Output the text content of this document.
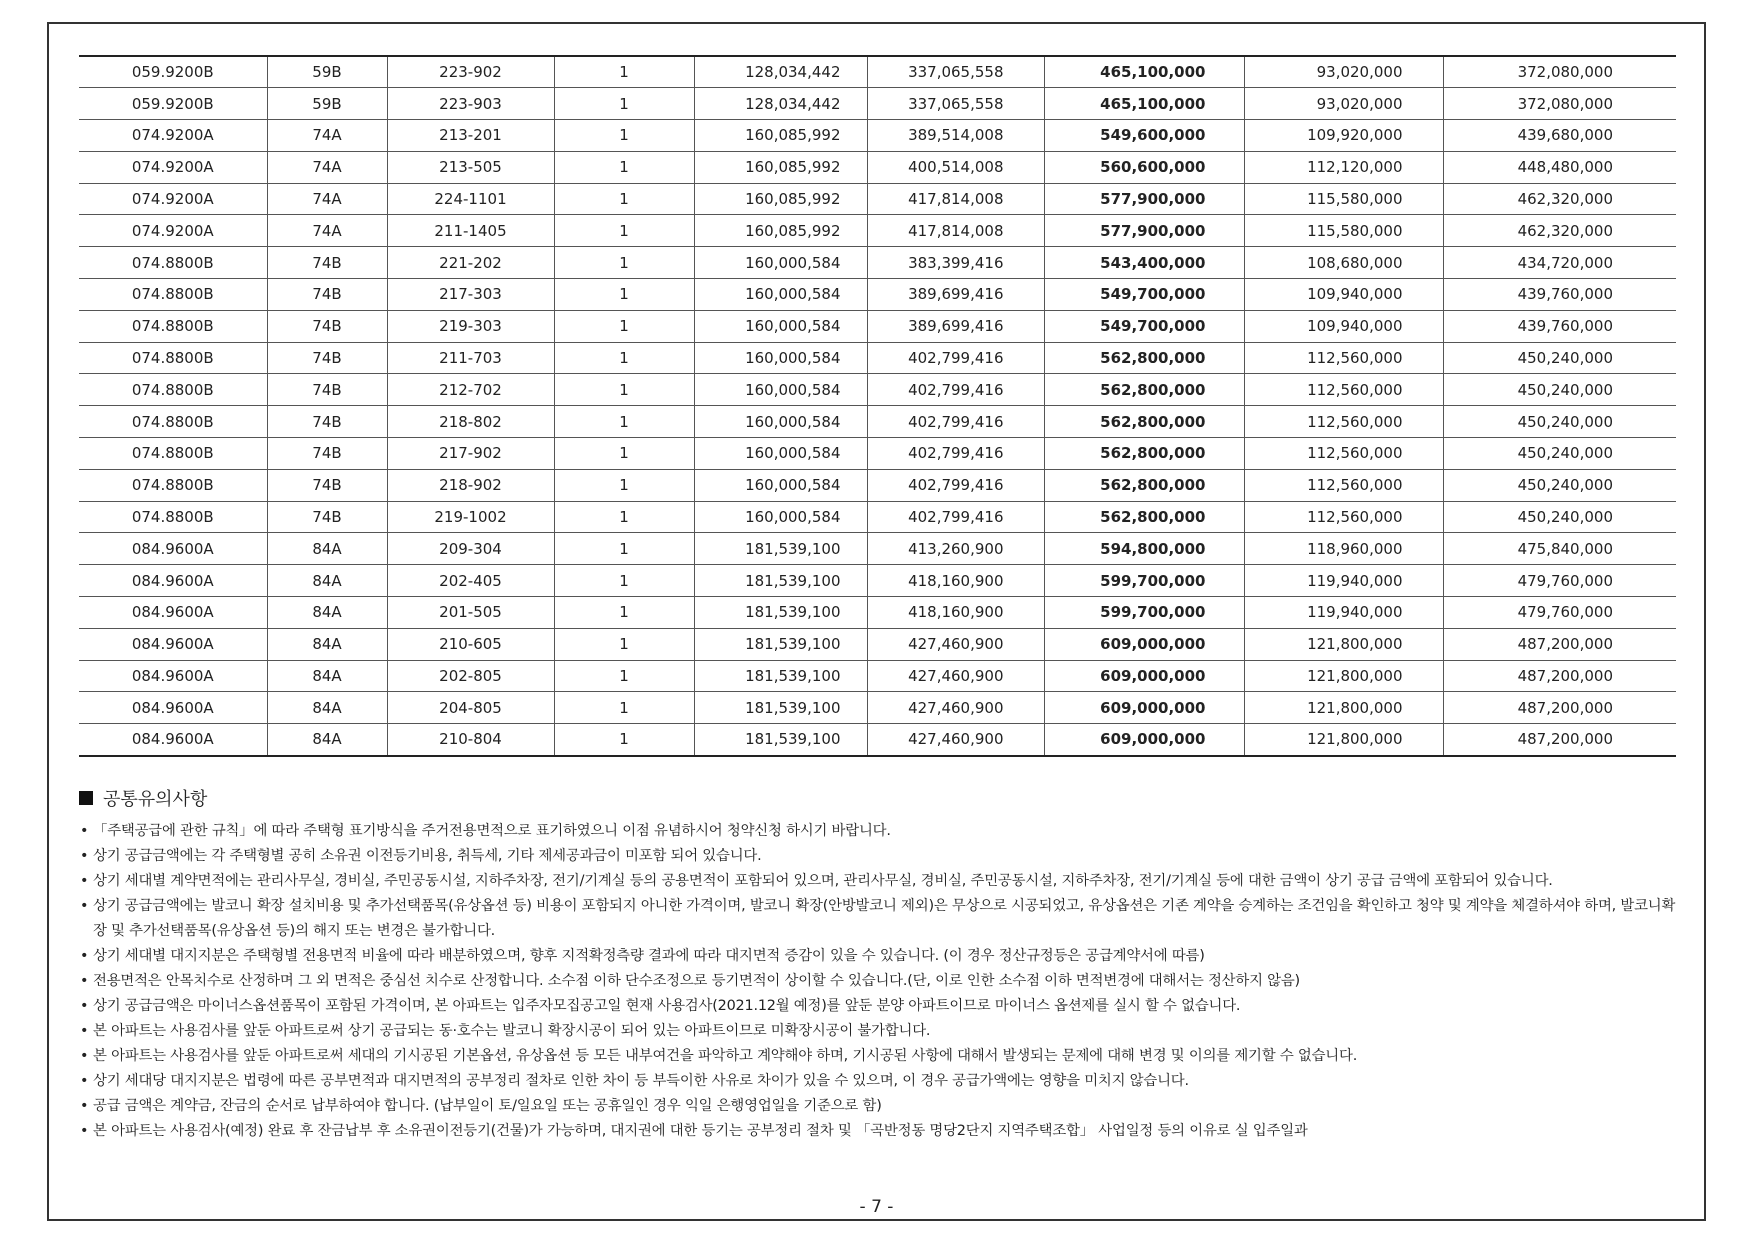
059.9200B	59B	223-902	1	128,034,442	337,065,558	465,100,000	93,020,000	372,080,000
059.9200B	59B	223-903	1	128,034,442	337,065,558	465,100,000	93,020,000	372,080,000
074.9200A	74A	213-201	1	160,085,992	389,514,008	549,600,000	109,920,000	439,680,000
074.9200A	74A	213-505	1	160,085,992	400,514,008	560,600,000	112,120,000	448,480,000
074.9200A	74A	224-1101	1	160,085,992	417,814,008	577,900,000	115,580,000	462,320,000
074.9200A	74A	211-1405	1	160,085,992	417,814,008	577,900,000	115,580,000	462,320,000
074.8800B	74B	221-202	1	160,000,584	383,399,416	543,400,000	108,680,000	434,720,000
074.8800B	74B	217-303	1	160,000,584	389,699,416	549,700,000	109,940,000	439,760,000
074.8800B	74B	219-303	1	160,000,584	389,699,416	549,700,000	109,940,000	439,760,000
074.8800B	74B	211-703	1	160,000,584	402,799,416	562,800,000	112,560,000	450,240,000
074.8800B	74B	212-702	1	160,000,584	402,799,416	562,800,000	112,560,000	450,240,000
074.8800B	74B	218-802	1	160,000,584	402,799,416	562,800,000	112,560,000	450,240,000
074.8800B	74B	217-902	1	160,000,584	402,799,416	562,800,000	112,560,000	450,240,000
074.8800B	74B	218-902	1	160,000,584	402,799,416	562,800,000	112,560,000	450,240,000
074.8800B	74B	219-1002	1	160,000,584	402,799,416	562,800,000	112,560,000	450,240,000
084.9600A	84A	209-304	1	181,539,100	413,260,900	594,800,000	118,960,000	475,840,000
084.9600A	84A	202-405	1	181,539,100	418,160,900	599,700,000	119,940,000	479,760,000
084.9600A	84A	201-505	1	181,539,100	418,160,900	599,700,000	119,940,000	479,760,000
084.9600A	84A	210-605	1	181,539,100	427,460,900	609,000,000	121,800,000	487,200,000
084.9600A	84A	202-805	1	181,539,100	427,460,900	609,000,000	121,800,000	487,200,000
084.9600A	84A	204-805	1	181,539,100	427,460,900	609,000,000	121,800,000	487,200,000
084.9600A	84A	210-804	1	181,539,100	427,460,900	609,000,000	121,800,000	487,200,000
공통유의사항
• 「주택공급에 관한 규칙」에 따라 주택형 표기방식을 주거전용면적으로 표기하였으니 이점 유념하시어 청약신청 하시기 바랍니다.
• 상기 공급금액에는 각 주택형별 공히 소유권 이전등기비용, 취득세, 기타 제세공과금이 미포함 되어 있습니다.
• 상기 세대별 계약면적에는 관리사무실, 경비실, 주민공동시설, 지하주차장, 전기/기계실 등의 공용면적이 포함되어 있으며, 관리사무실, 경비실, 주민공동시설, 지하주차장, 전기/기계실 등에 대한 금액이 상기 공급 금액에 포함되어 있습니다.
• 상기 공급금액에는 발코니 확장 설치비용 및 추가선택품목(유상옵션 등) 비용이 포함되지 아니한 가격이며, 발코니 확장(안방발코니 제외)은 무상으로 시공되었고, 유상옵션은 기존 계약을 승계하는 조건임을 확인하고 청약 및 계약을 체결하셔야 하며, 발코니확장 및 추가선택품목(유상옵션 등)의 해지 또는 변경은 불가합니다.
• 상기 세대별 대지지분은 주택형별 전용면적 비율에 따라 배분하였으며, 향후 지적확정측량 결과에 따라 대지면적 증감이 있을 수 있습니다. (이 경우 정산규정등은 공급계약서에 따름)
• 전용면적은 안목치수로 산정하며 그 외 면적은 중심선 치수로 산정합니다. 소수점 이하 단수조정으로 등기면적이 상이할 수 있습니다.(단, 이로 인한 소수점 이하 면적변경에 대해서는 정산하지 않음)
• 상기 공급금액은 마이너스옵션품목이 포함된 가격이며, 본 아파트는 입주자모집공고일 현재 사용검사(2021.12월 예정)를 앞둔 분양 아파트이므로 마이너스 옵션제를 실시 할 수 없습니다.
• 본 아파트는 사용검사를 앞둔 아파트로써 상기 공급되는 동·호수는 발코니 확장시공이 되어 있는 아파트이므로 미확장시공이 불가합니다.
• 본 아파트는 사용검사를 앞둔 아파트로써 세대의 기시공된 기본옵션, 유상옵션 등 모든 내부여건을 파악하고 계약해야 하며, 기시공된 사항에 대해서 발생되는 문제에 대해 변경 및 이의를 제기할 수 없습니다.
• 상기 세대당 대지지분은 법령에 따른 공부면적과 대지면적의 공부정리 절차로 인한 차이 등 부득이한 사유로 차이가 있을 수 있으며, 이 경우 공급가액에는 영향을 미치지 않습니다.
• 공급 금액은 계약금, 잔금의 순서로 납부하여야 합니다. (납부일이 토/일요일 또는 공휴일인 경우 익일 은행영업일을 기준으로 함)
• 본 아파트는 사용검사(예정) 완료 후 잔금납부 후 소유권이전등기(건물)가 가능하며, 대지권에 대한 등기는 공부정리 절차 및 「곡반정동 명당2단지 지역주택조합」 사업일정 등의 이유로 실 입주일과
- 7 -
